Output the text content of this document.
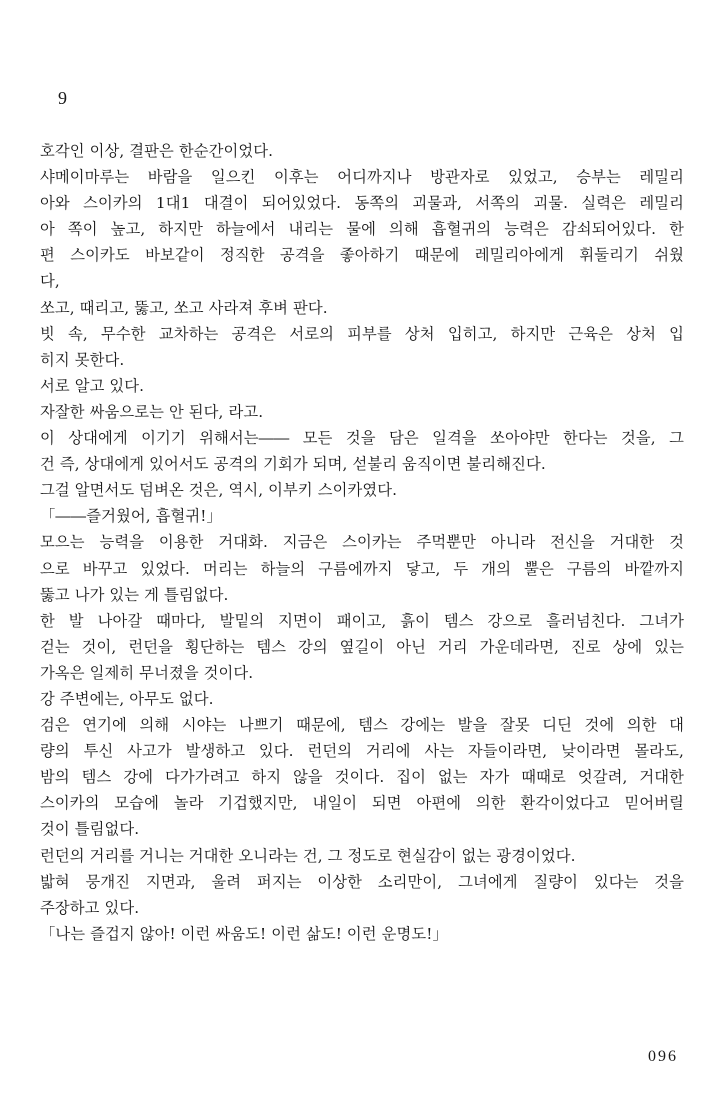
9
호각인 이상, 결판은 한순간이었다.
샤메이마루는 바람을 일으킨 이후는 어디까지나 방관자로 있었고, 승부는 레밀리
아와 스이카의 1대1 대결이 되어있었다. 동쪽의 괴물과, 서쪽의 괴물. 실력은 레밀리
아 쪽이 높고, 하지만 하늘에서 내리는 물에 의해 흡혈귀의 능력은 감쇠되어있다. 한
편 스이카도 바보같이 정직한 공격을 좋아하기 때문에 레밀리아에게 휘둘리기 쉬웠
다,
쏘고, 때리고, 뚫고, 쏘고 사라져 후벼 판다.
빗 속, 무수한 교차하는 공격은 서로의 피부를 상처 입히고, 하지만 근육은 상처 입
히지 못한다.
서로 알고 있다.
자잘한 싸움으로는 안 된다, 라고.
이 상대에게 이기기 위해서는―― 모든 것을 담은 일격을 쏘아야만 한다는 것을, 그
건 즉, 상대에게 있어서도 공격의 기회가 되며, 섣불리 움직이면 불리해진다.
그걸 알면서도 덤벼온 것은, 역시, 이부키 스이카였다.
「――즐거웠어, 흡혈귀!」
모으는 능력을 이용한 거대화. 지금은 스이카는 주먹뿐만 아니라 전신을 거대한 것
으로 바꾸고 있었다. 머리는 하늘의 구름에까지 닿고, 두 개의 뿔은 구름의 바깥까지
뚫고 나가 있는 게 틀림없다.
한 발 나아갈 때마다, 발밑의 지면이 패이고, 흙이 템스 강으로 흘러넘친다. 그녀가
걷는 것이, 런던을 횡단하는 템스 강의 옆길이 아닌 거리 가운데라면, 진로 상에 있는
가옥은 일제히 무너졌을 것이다.
강 주변에는, 아무도 없다.
검은 연기에 의해 시야는 나쁘기 때문에, 템스 강에는 발을 잘못 디딘 것에 의한 대
량의 투신 사고가 발생하고 있다. 런던의 거리에 사는 자들이라면, 낮이라면 몰라도,
밤의 템스 강에 다가가려고 하지 않을 것이다. 집이 없는 자가 때때로 엇갈려, 거대한
스이카의 모습에 놀라 기겁했지만, 내일이 되면 아편에 의한 환각이었다고 믿어버릴
것이 틀림없다.
런던의 거리를 거니는 거대한 오니라는 건, 그 정도로 현실감이 없는 광경이었다.
밟혀 뭉개진 지면과, 울려 퍼지는 이상한 소리만이, 그녀에게 질량이 있다는 것을
주장하고 있다.
「나는 즐겁지 않아! 이런 싸움도! 이런 삶도! 이런 운명도!」
096
